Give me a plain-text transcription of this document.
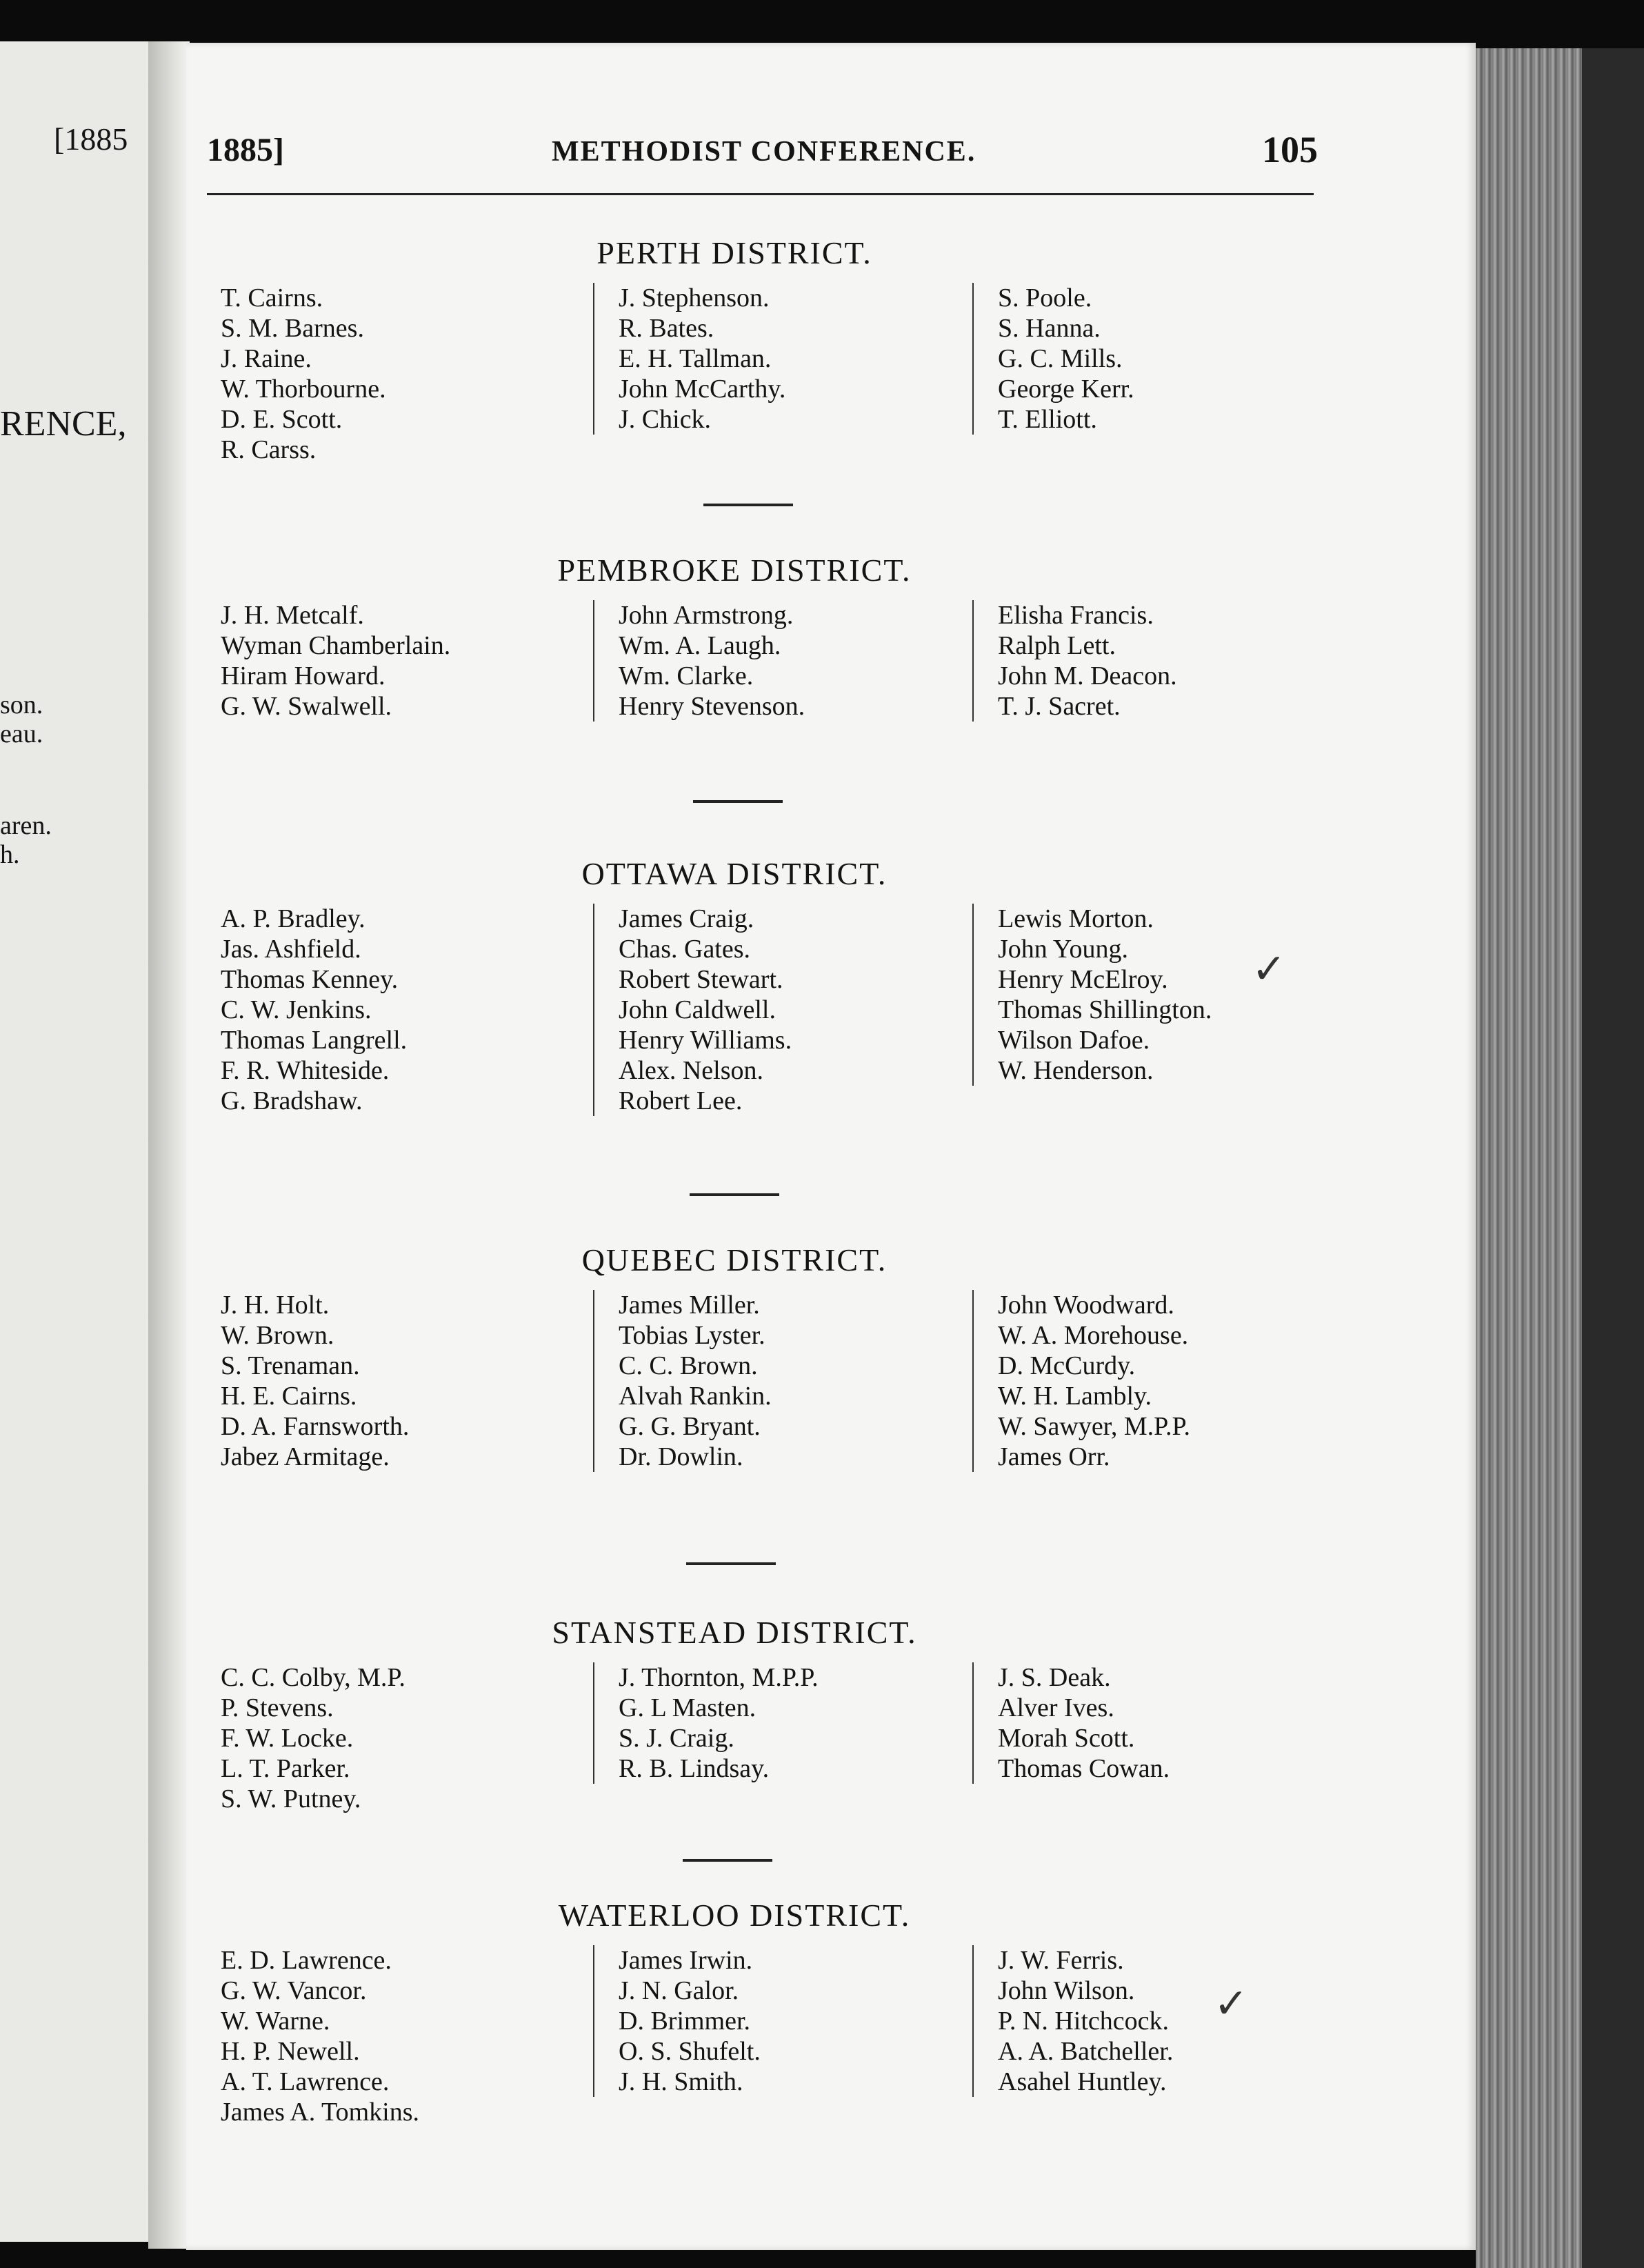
[1885
RENCE,
son.
eau.
aren.
h.
1885]	METHODIST CONFERENCE.	105
PERTH DISTRICT.
T. Cairns.
S. M. Barnes.
J. Raine.
W. Thorbourne.
D. E. Scott.
R. Carss.
J. Stephenson.
R. Bates.
E. H. Tallman.
John McCarthy.
J. Chick.
S. Poole.
S. Hanna.
G. C. Mills.
George Kerr.
T. Elliott.
PEMBROKE DISTRICT.
J. H. Metcalf.
Wyman Chamberlain.
Hiram Howard.
G. W. Swalwell.
John Armstrong.
Wm. A. Laugh.
Wm. Clarke.
Henry Stevenson.
Elisha Francis.
Ralph Lett.
John M. Deacon.
T. J. Sacret.
OTTAWA DISTRICT.
A. P. Bradley.
Jas. Ashfield.
Thomas Kenney.
C. W. Jenkins.
Thomas Langrell.
F. R. Whiteside.
G. Bradshaw.
James Craig.
Chas. Gates.
Robert Stewart.
John Caldwell.
Henry Williams.
Alex. Nelson.
Robert Lee.
Lewis Morton.
John Young.
Henry McElroy.
Thomas Shillington.
Wilson Dafoe.
W. Henderson.
QUEBEC DISTRICT.
J. H. Holt.
W. Brown.
S. Trenaman.
H. E. Cairns.
D. A. Farnsworth.
Jabez Armitage.
James Miller.
Tobias Lyster.
C. C. Brown.
Alvah Rankin.
G. G. Bryant.
Dr. Dowlin.
John Woodward.
W. A. Morehouse.
D. McCurdy.
W. H. Lambly.
W. Sawyer, M.P.P.
James Orr.
STANSTEAD DISTRICT.
C. C. Colby, M.P.
P. Stevens.
F. W. Locke.
L. T. Parker.
S. W. Putney.
J. Thornton, M.P.P.
G. L Masten.
S. J. Craig.
R. B. Lindsay.
J. S. Deak.
Alver Ives.
Morah Scott.
Thomas Cowan.
WATERLOO DISTRICT.
E. D. Lawrence.
G. W. Vancor.
W. Warne.
H. P. Newell.
A. T. Lawrence.
James A. Tomkins.
James Irwin.
J. N. Galor.
D. Brimmer.
O. S. Shufelt.
J. H. Smith.
J. W. Ferris.
John Wilson.
P. N. Hitchcock.
A. A. Batcheller.
Asahel Huntley.
✓
✓
